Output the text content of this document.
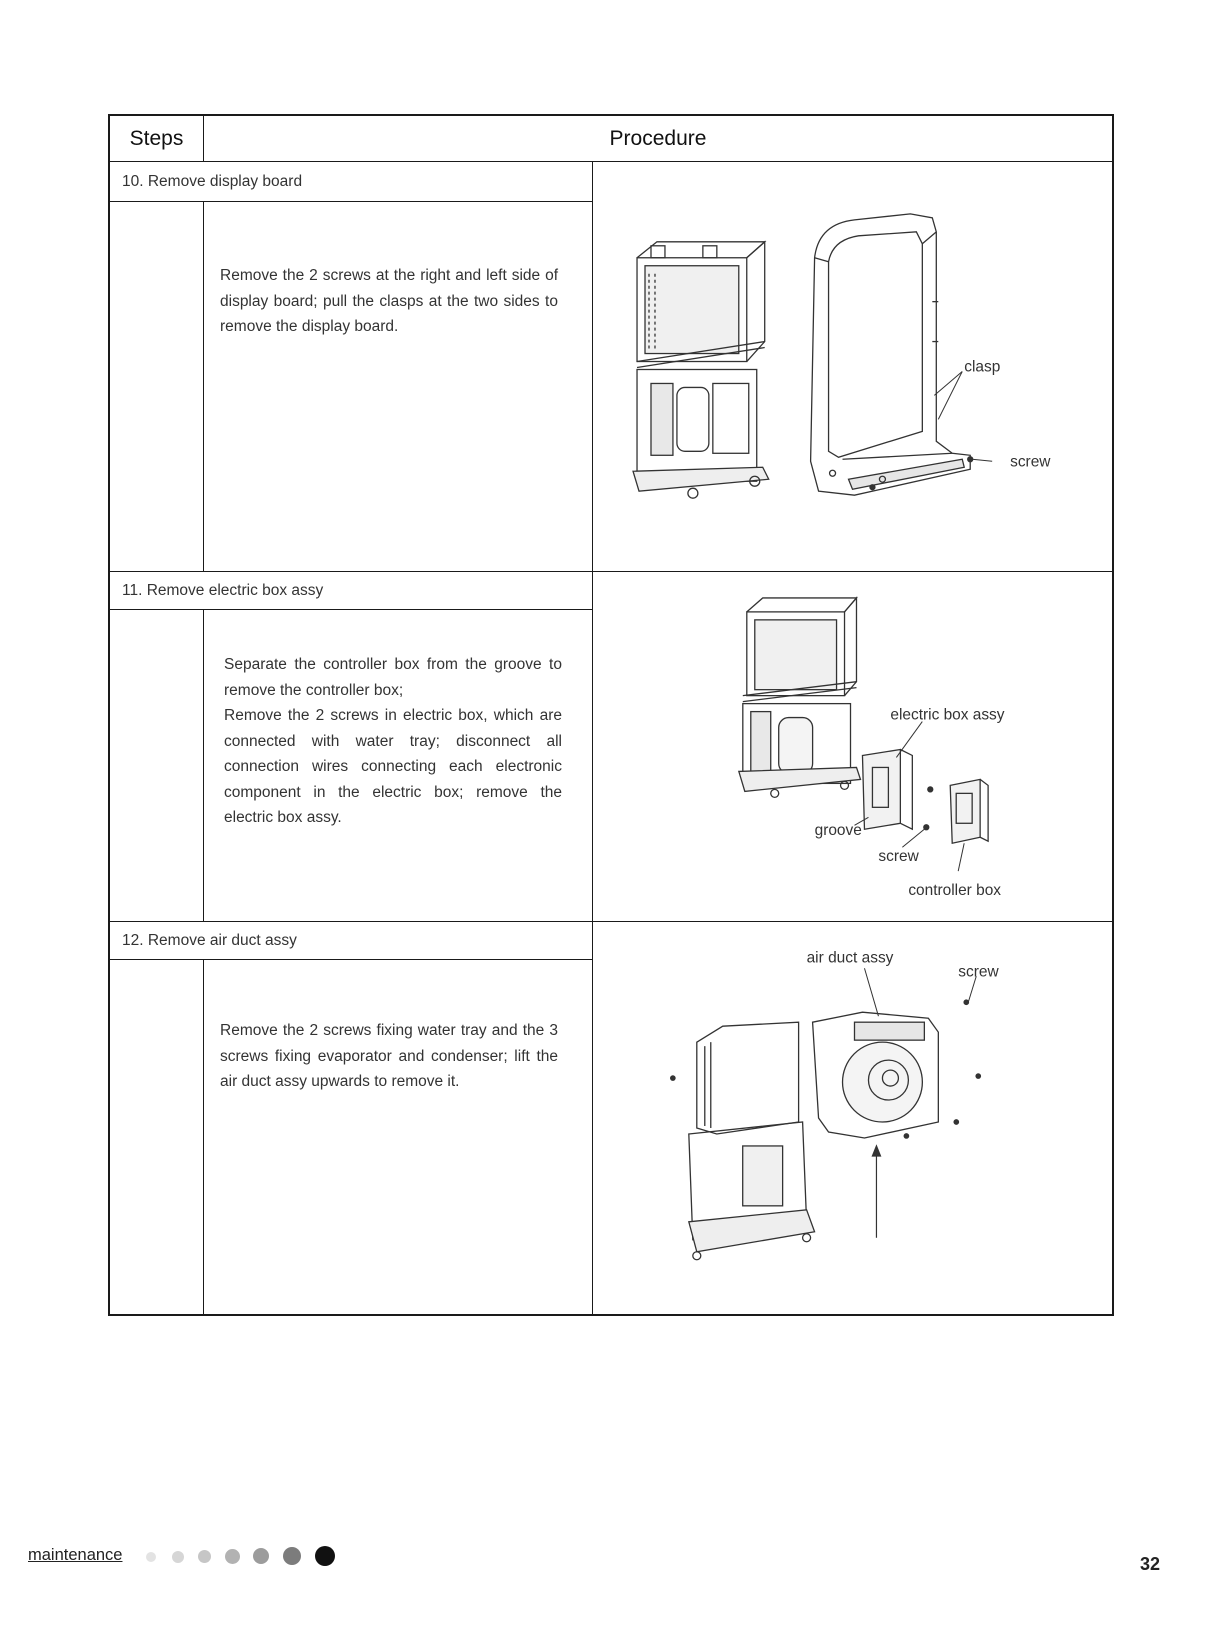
Steps	Procedure
10. Remove display board
Remove the 2 screws at the right and left side of display board; pull the clasps at the two sides to remove the display board.
clasp
screw
11. Remove electric box assy
Separate the controller box from the groove to remove the controller box;
Remove the 2 screws in electric box, which are connected with water tray; disconnect all connection wires connecting each electronic component in the electric box; remove the electric box assy.
electric box assy
groove
screw
controller box
12. Remove air duct assy
Remove the 2 screws fixing water tray and the 3 screws fixing evaporator and condenser; lift the air duct assy upwards to remove it.
air duct assy
screw
maintenance	32
